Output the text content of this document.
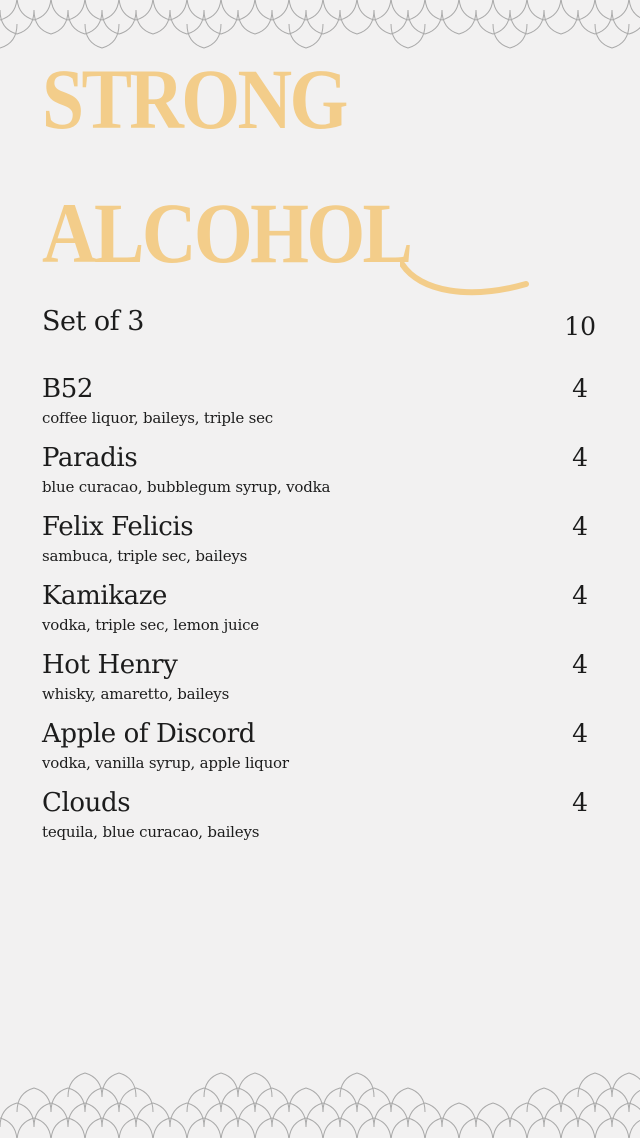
STRONG
ALCOHOL
Set of 3	10
B52
coffee liquor, baileys, triple sec
4
Paradis
blue curacao, bubblegum syrup, vodka
4
Felix Felicis
sambuca, triple sec, baileys
4
Kamikaze
vodka, triple sec, lemon juice
4
Hot Henry
whisky, amaretto, baileys
4
Apple of Discord
vodka, vanilla syrup, apple liquor
4
Clouds
tequila, blue curacao, baileys
4
